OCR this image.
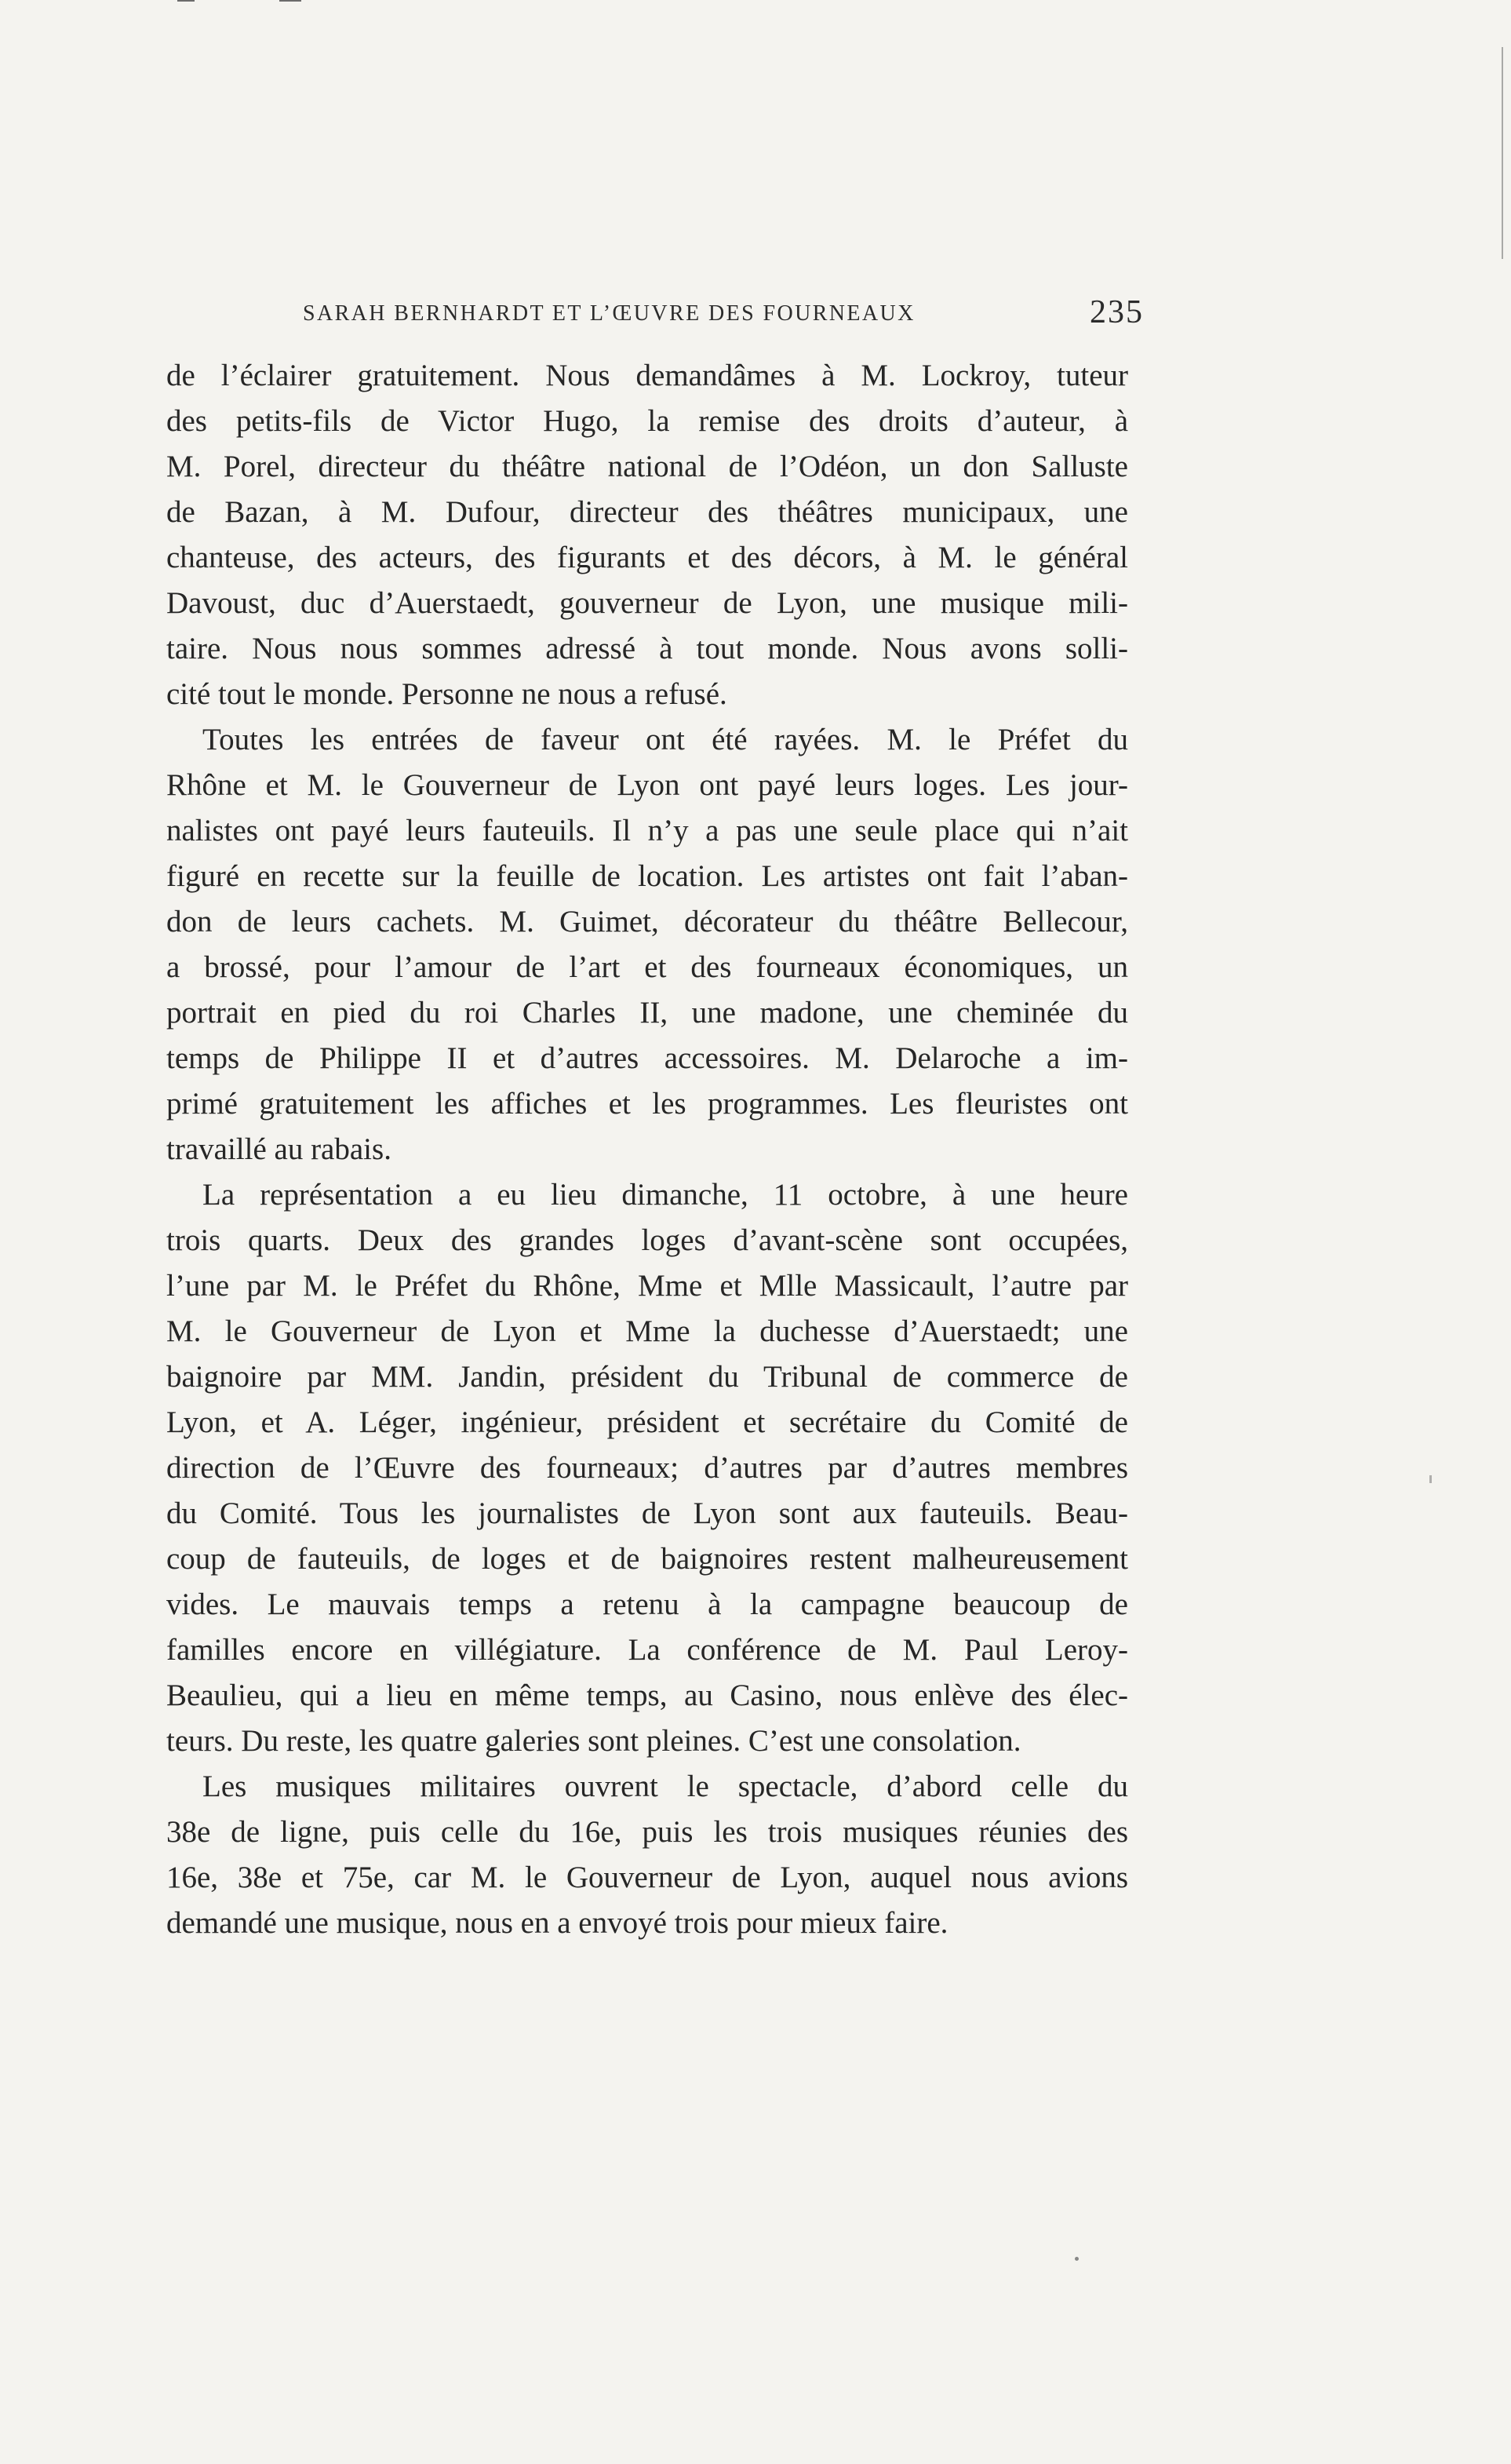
SARAH BERNHARDT ET L’ŒUVRE DES FOURNEAUX	235
de l’éclairer gratuitement. Nous demandâmes à M. Lockroy, tuteur
des petits-fils de Victor Hugo, la remise des droits d’auteur, à
M. Porel, directeur du théâtre national de l’Odéon, un don Salluste
de Bazan, à M. Dufour, directeur des théâtres municipaux, une
chanteuse, des acteurs, des figurants et des décors, à M. le général
Davoust, duc d’Auerstaedt, gouverneur de Lyon, une musique mili-
taire. Nous nous sommes adressé à tout monde. Nous avons solli-
cité tout le monde. Personne ne nous a refusé.
Toutes les entrées de faveur ont été rayées. M. le Préfet du
Rhône et M. le Gouverneur de Lyon ont payé leurs loges. Les jour-
nalistes ont payé leurs fauteuils. Il n’y a pas une seule place qui n’ait
figuré en recette sur la feuille de location. Les artistes ont fait l’aban-
don de leurs cachets. M. Guimet, décorateur du théâtre Bellecour,
a brossé, pour l’amour de l’art et des fourneaux économiques, un
portrait en pied du roi Charles II, une madone, une cheminée du
temps de Philippe II et d’autres accessoires. M. Delaroche a im-
primé gratuitement les affiches et les programmes. Les fleuristes ont
travaillé au rabais.
La représentation a eu lieu dimanche, 11 octobre, à une heure
trois quarts. Deux des grandes loges d’avant-scène sont occupées,
l’une par M. le Préfet du Rhône, Mme et Mlle Massicault, l’autre par
M. le Gouverneur de Lyon et Mme la duchesse d’Auerstaedt; une
baignoire par MM. Jandin, président du Tribunal de commerce de
Lyon, et A. Léger, ingénieur, président et secrétaire du Comité de
direction de l’Œuvre des fourneaux; d’autres par d’autres membres
du Comité. Tous les journalistes de Lyon sont aux fauteuils. Beau-
coup de fauteuils, de loges et de baignoires restent malheureusement
vides. Le mauvais temps a retenu à la campagne beaucoup de
familles encore en villégiature. La conférence de M. Paul Leroy-
Beaulieu, qui a lieu en même temps, au Casino, nous enlève des élec-
teurs. Du reste, les quatre galeries sont pleines. C’est une consolation.
Les musiques militaires ouvrent le spectacle, d’abord celle du
38e de ligne, puis celle du 16e, puis les trois musiques réunies des
16e, 38e et 75e, car M. le Gouverneur de Lyon, auquel nous avions
demandé une musique, nous en a envoyé trois pour mieux faire.
